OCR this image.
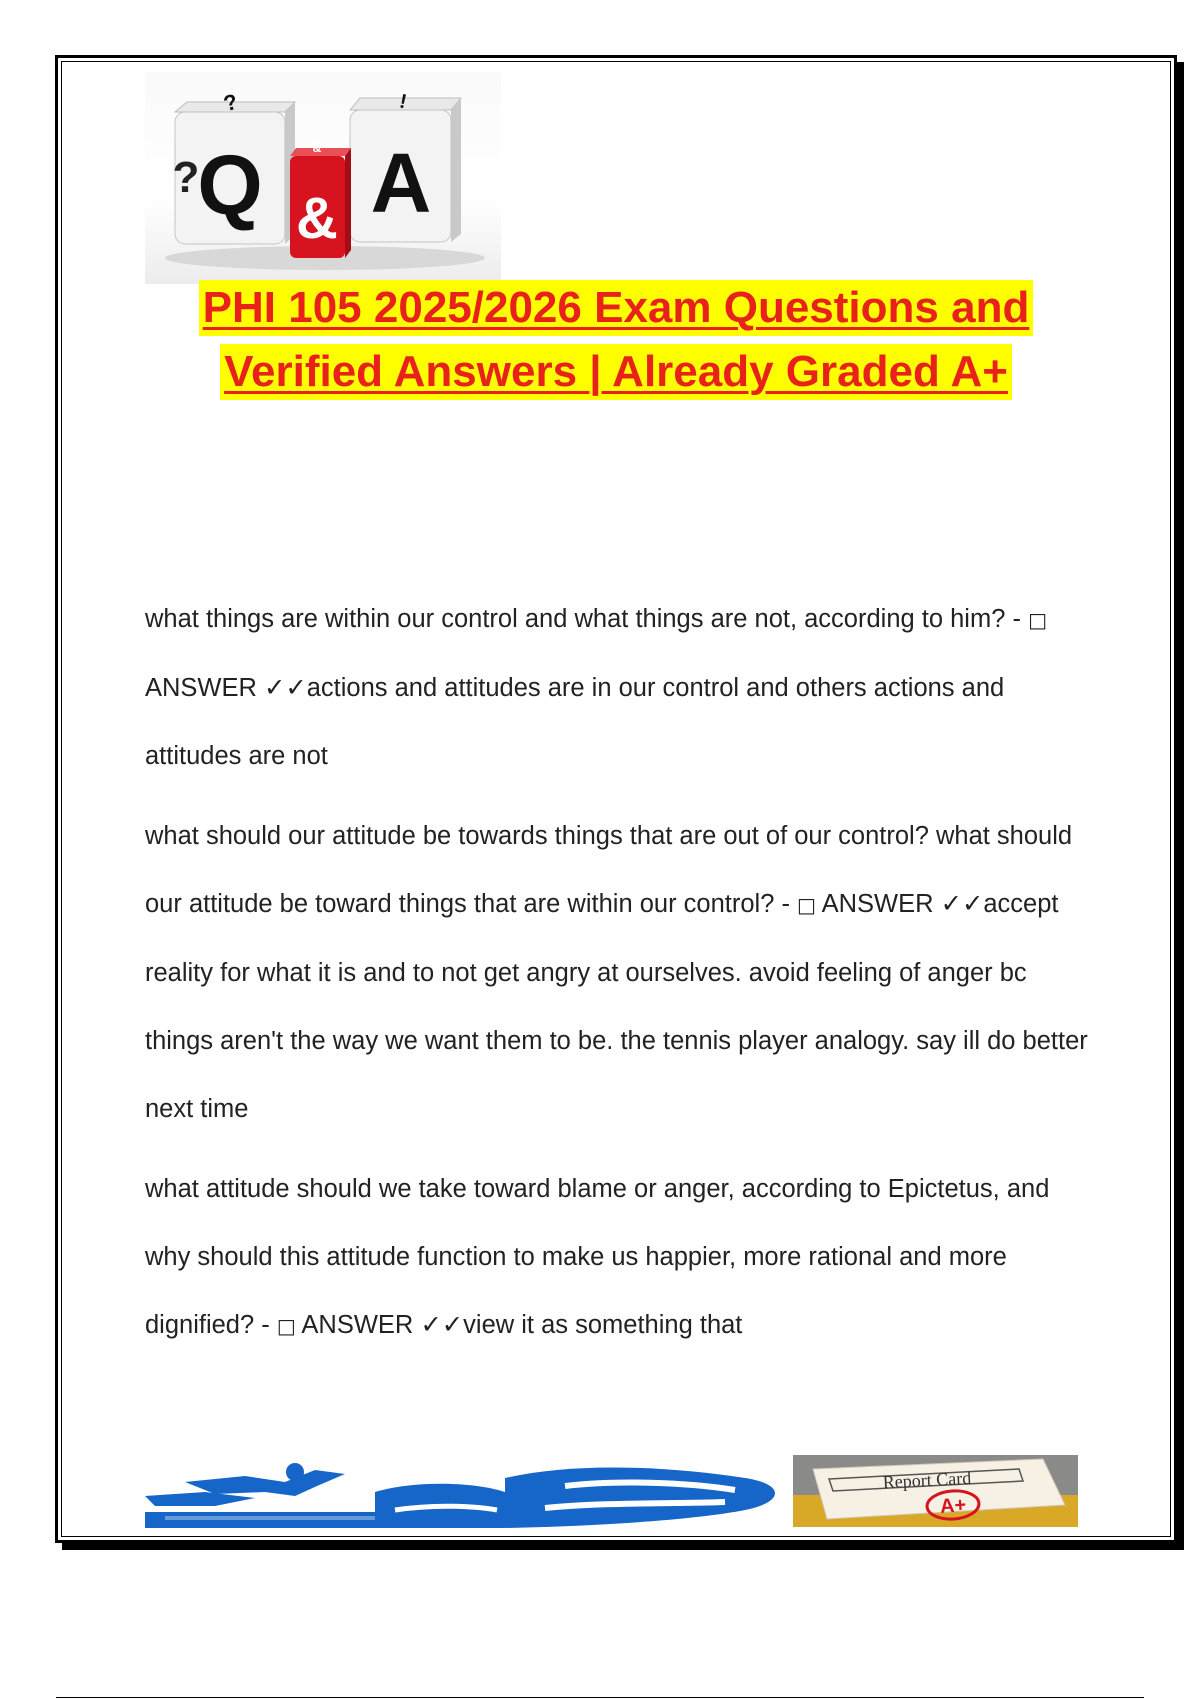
Q
?
? A
!
&
&
PHI 105 2025/2026 Exam Questions and
Verified Answers | Already Graded A+
what things are within our control and what things are not, according to him? - □ ANSWER ✓✓actions and attitudes are in our control and others actions and attitudes are not
what should our attitude be towards things that are out of our control? what should our attitude be toward things that are within our control? - □ ANSWER ✓✓accept reality for what it is and to not get angry at ourselves. avoid feeling of anger bc things aren't the way we want them to be. the tennis player analogy. say ill do better next time
what attitude should we take toward blame or anger, according to Epictetus, and why should this attitude function to make us happier, more rational and more dignified? - □ ANSWER ✓✓view it as something that
Report Card
A+
